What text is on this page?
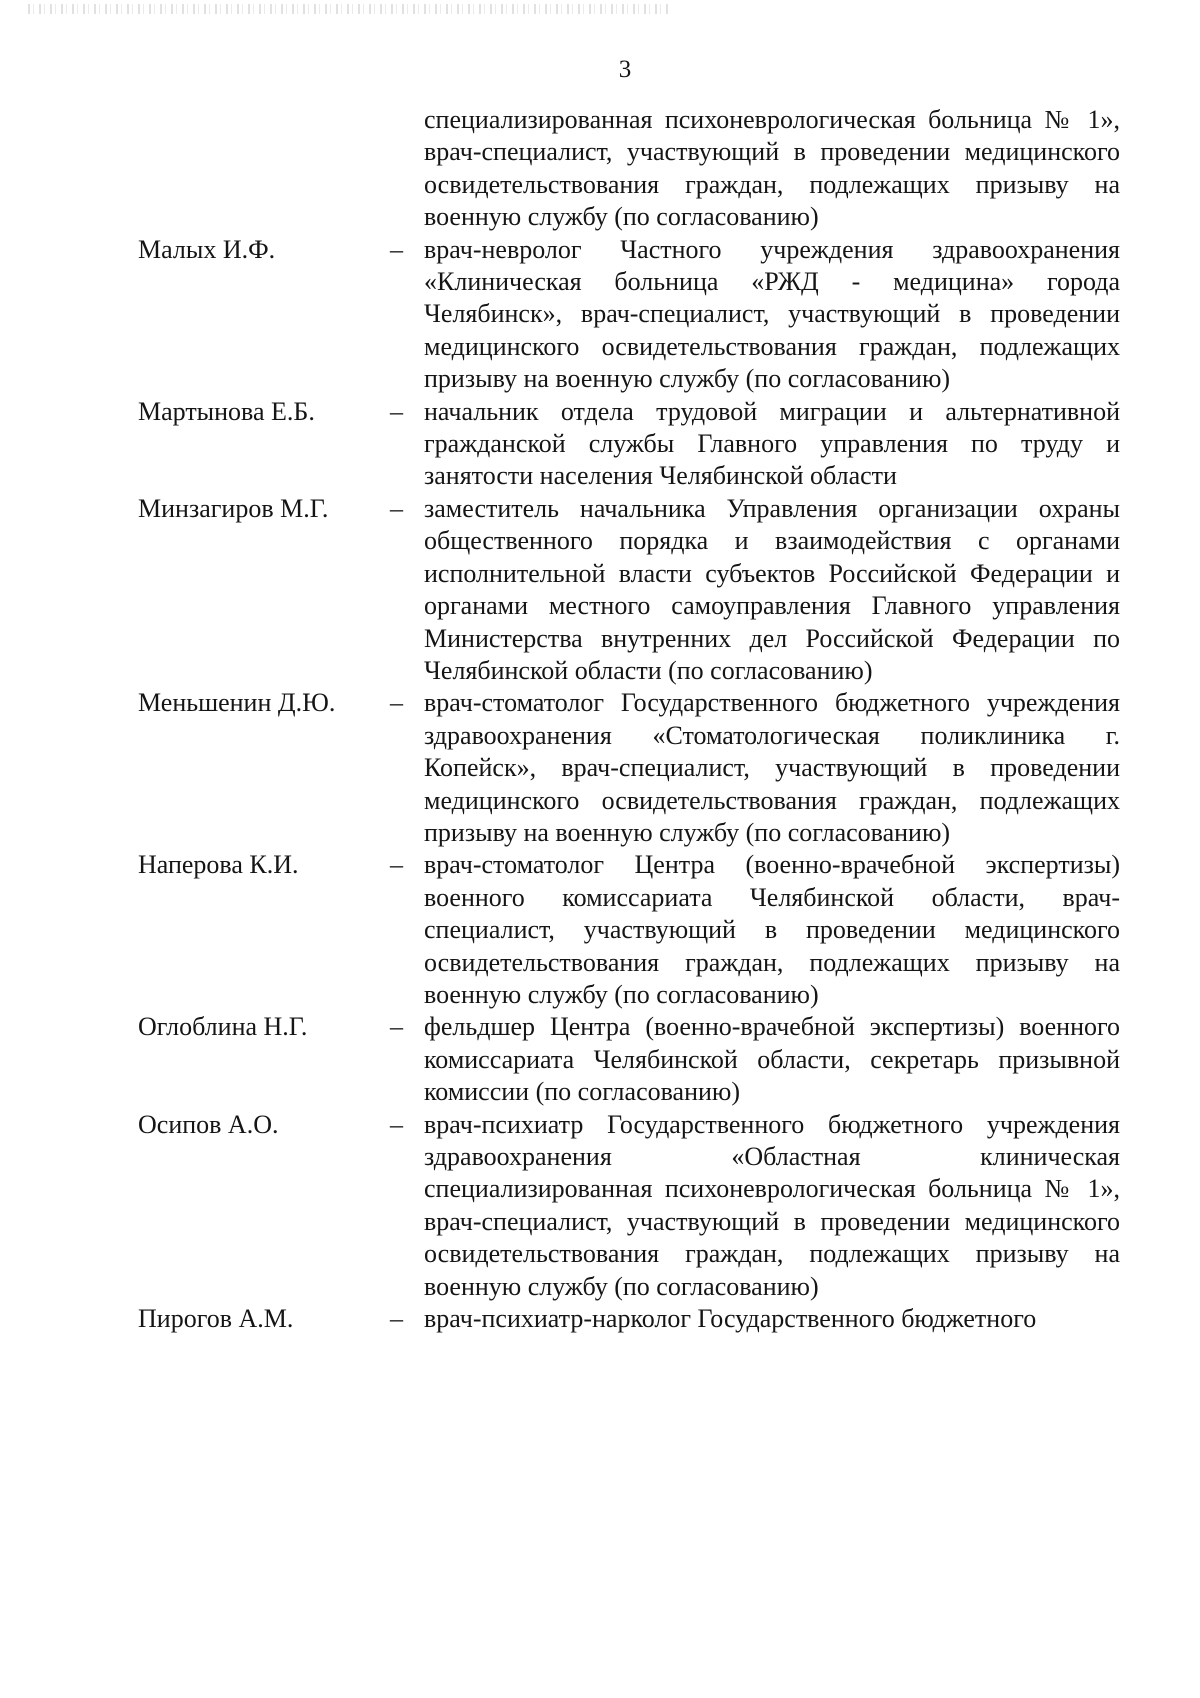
3
специализированная психоневрологическая больница № 1», врач-специалист, участвующий в проведении медицинского освидетельствования граждан, подлежащих призыву на военную службу (по согласованию)
Малых И.Ф.	– врач-невролог Частного учреждения здравоохранения «Клиническая больница «РЖД - медицина» города Челябинск», врач-специалист, участвующий в проведении медицинского освидетельствования граждан, подлежащих призыву на военную службу (по согласованию)
Мартынова Е.Б.	– начальник отдела трудовой миграции и альтернативной гражданской службы Главного управления по труду и занятости населения Челябинской области
Минзагиров М.Г.	– заместитель начальника Управления организации охраны общественного порядка и взаимодействия с органами исполнительной власти субъектов Российской Федерации и органами местного самоуправления Главного управления Министерства внутренних дел Российской Федерации по Челябинской области (по согласованию)
Меньшенин Д.Ю.	– врач-стоматолог Государственного бюджетного учреждения здравоохранения «Стоматологическая поликлиника г. Копейск», врач-специалист, участвующий в проведении медицинского освидетельствования граждан, подлежащих призыву на военную службу (по согласованию)
Наперова К.И.	– врач-стоматолог Центра (военно-врачебной экспертизы) военного комиссариата Челябинской области, врач-специалист, участвующий в проведении медицинского освидетельствования граждан, подлежащих призыву на военную службу (по согласованию)
Оглоблина Н.Г.	– фельдшер Центра (военно-врачебной экспертизы) военного комиссариата Челябинской области, секретарь призывной комиссии (по согласованию)
Осипов А.О.	– врач-психиатр Государственного бюджетного учреждения здравоохранения «Областная клиническая специализированная психоневрологическая больница № 1», врач-специалист, участвующий в проведении медицинского освидетельствования граждан, подлежащих призыву на военную службу (по согласованию)
Пирогов А.М.	– врач-психиатр-нарколог Государственного бюджетного
